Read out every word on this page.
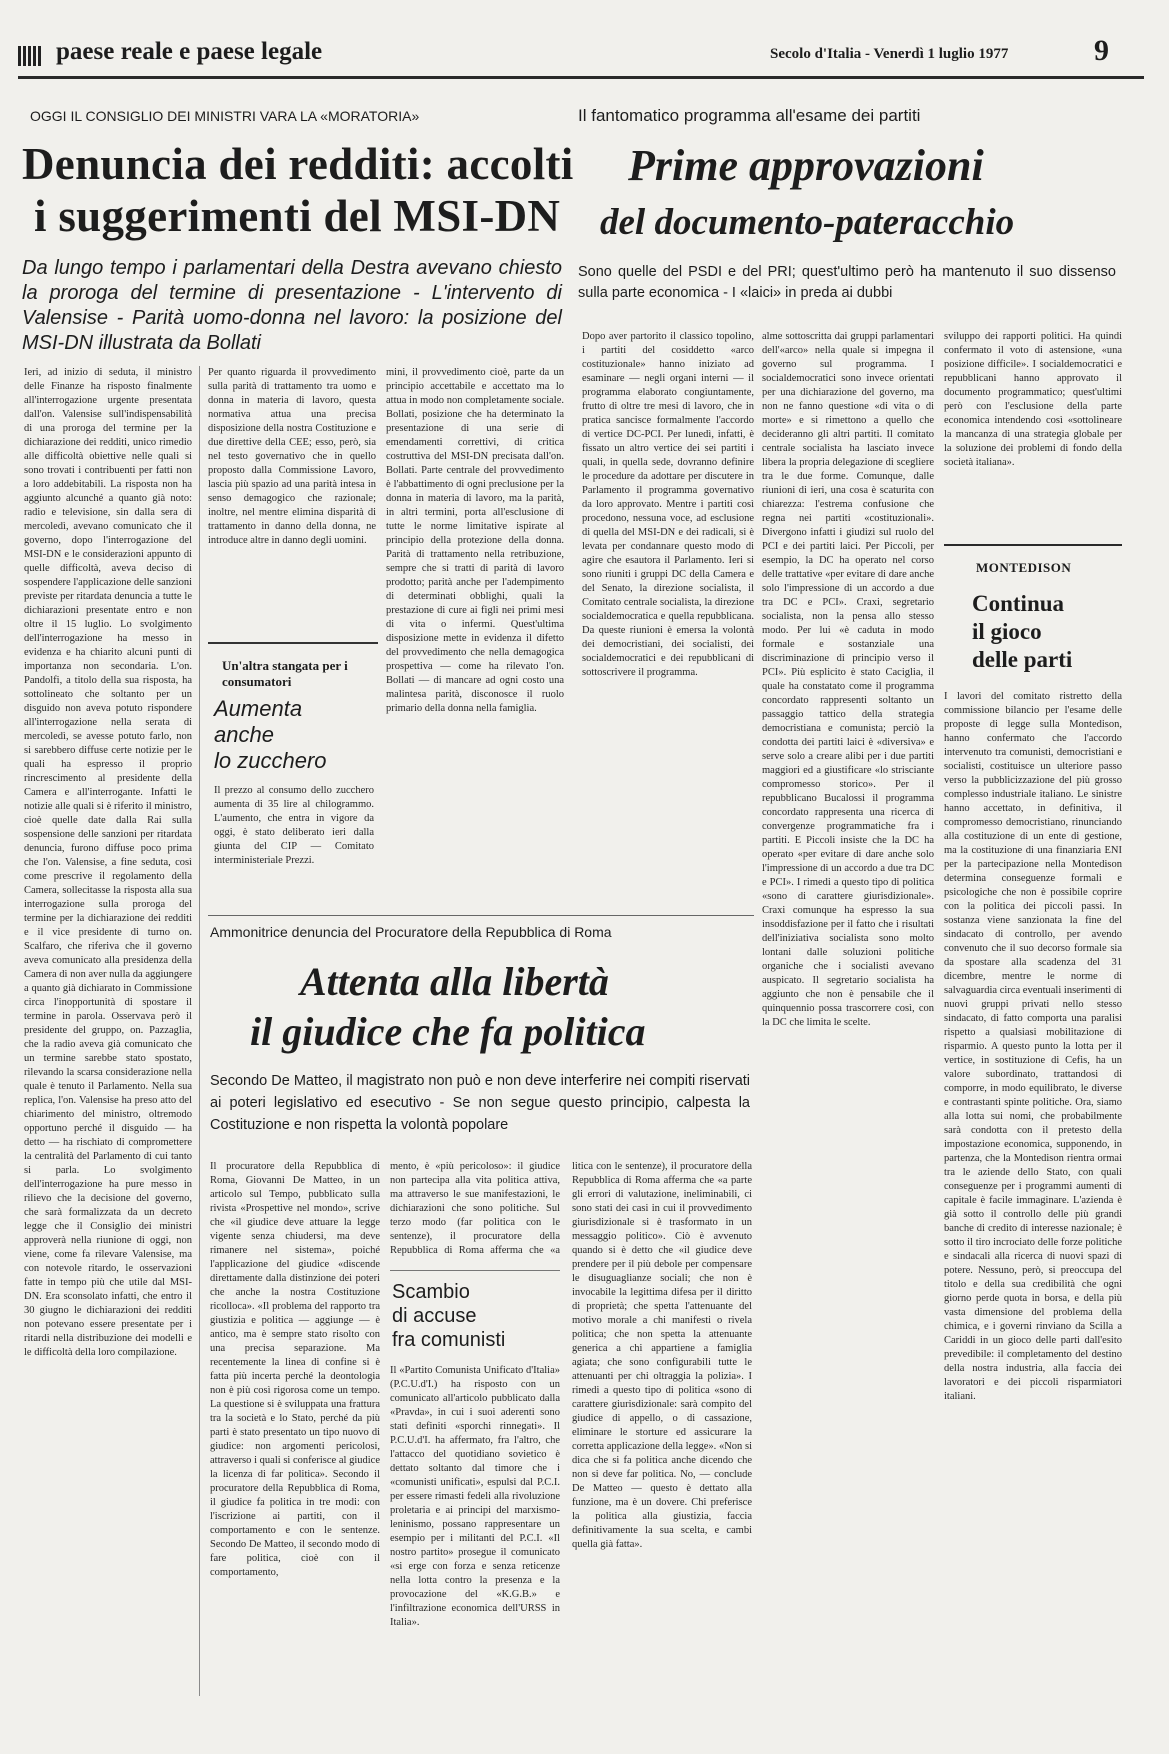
paese reale e paese legale	Secolo d'Italia - Venerdì 1 luglio 1977	9
OGGI IL CONSIGLIO DEI MINISTRI VARA LA «MORATORIA»
Denuncia dei redditi: accolti
i suggerimenti del MSI-DN
Da lungo tempo i parlamentari della Destra avevano chiesto la proroga del termine di presentazione - L'intervento di Valensise - Parità uomo-donna nel lavoro: la posizione del MSI-DN illustrata da Bollati

Ieri, ad inizio di seduta, il ministro delle Finanze ha risposto finalmente all'interrogazione urgente presentata dall'on. Valensise sull'indispensabilità di una proroga del termine per la dichiarazione dei redditi, unico rimedio alle difficoltà obiettive nelle quali si sono trovati i contribuenti per fatti non a loro addebitabili. La risposta non ha aggiunto alcunché a quanto già noto: radio e televisione, sin dalla sera di mercoledì, avevano comunicato che il governo, dopo l'interrogazione del MSI-DN e le considerazioni appunto di quelle difficoltà, aveva deciso di sospendere l'applicazione delle sanzioni previste per ritardata denuncia a tutte le dichiarazioni presentate entro e non oltre il 15 luglio. Lo svolgimento dell'interrogazione ha messo in evidenza e ha chiarito alcuni punti di importanza non secondaria. L'on. Pandolfi, a titolo della sua risposta, ha sottolineato che soltanto per un disguido non aveva potuto rispondere all'interrogazione nella serata di mercoledì, se avesse potuto farlo, non si sarebbero diffuse certe notizie per le quali ha espresso il proprio rincrescimento al presidente della Camera e all'interrogante. Infatti le notizie alle quali si è riferito il ministro, cioè quelle date dalla Rai sulla sospensione delle sanzioni per ritardata denuncia, furono diffuse poco prima che l'on. Valensise, a fine seduta, così come prescrive il regolamento della Camera, sollecitasse la risposta alla sua interrogazione sulla proroga del termine per la dichiarazione dei redditi e il vice presidente di turno on. Scalfaro, che riferiva che il governo aveva comunicato alla presidenza della Camera di non aver nulla da aggiungere a quanto già dichiarato in Commissione circa l'inopportunità di spostare il termine in parola. Osservava però il presidente del gruppo, on. Pazzaglia, che la radio aveva già comunicato che un termine sarebbe stato spostato, rilevando la scarsa considerazione nella quale è tenuto il Parlamento. Nella sua replica, l'on. Valensise ha preso atto del chiarimento del ministro, oltremodo opportuno perché il disguido — ha detto — ha rischiato di compromettere la centralità del Parlamento di cui tanto si parla. Lo svolgimento dell'interrogazione ha pure messo in rilievo che la decisione del governo, che sarà formalizzata da un decreto legge che il Consiglio dei ministri approverà nella riunione di oggi, non viene, come fa rilevare Valensise, ma con notevole ritardo, le osservazioni fatte in tempo più che utile dal MSI-DN. Era sconsolato infatti, che entro il 30 giugno le dichiarazioni dei redditi non potevano essere presentate per i ritardi nella distribuzione dei modelli e le difficoltà della loro compilazione.

Per quanto riguarda il provvedimento sulla parità di trattamento tra uomo e donna in materia di lavoro, questa normativa attua una precisa disposizione della nostra Costituzione e due direttive della CEE; esso, però, sia nel testo governativo che in quello proposto dalla Commissione Lavoro, lascia più spazio ad una parità intesa in senso demagogico che razionale; inoltre, nel mentre elimina disparità di trattamento in danno della donna, ne introduce altre in danno degli uomini.

mini, il provvedimento cioè, parte da un principio accettabile e accettato ma lo attua in modo non completamente sociale. Bollati, posizione che ha determinato la presentazione di una serie di emendamenti correttivi, di critica costruttiva del MSI-DN precisata dall'on. Bollati. Parte centrale del provvedimento è l'abbattimento di ogni preclusione per la donna in materia di lavoro, ma la parità, in altri termini, porta all'esclusione di tutte le norme limitative ispirate al principio della protezione della donna. Parità di trattamento nella retribuzione, sempre che si tratti di parità di lavoro prodotto; parità anche per l'adempimento di determinati obblighi, quali la prestazione di cure ai figli nei primi mesi di vita o infermi. Quest'ultima disposizione mette in evidenza il difetto del provvedimento che nella demagogica prospettiva — come ha rilevato l'on. Bollati — di mancare ad ogni costo una malintesa parità, disconosce il ruolo primario della donna nella famiglia.

Un'altra stangata per i consumatori
Aumenta
anche
lo zucchero

Il prezzo al consumo dello zucchero aumenta di 35 lire al chilogrammo. L'aumento, che entra in vigore da oggi, è stato deliberato ieri dalla giunta del CIP — Comitato interministeriale Prezzi.

Il fantomatico programma all'esame dei partiti
Prime approvazioni
del documento-pateracchio
Sono quelle del PSDI e del PRI; quest'ultimo però ha mantenuto il suo dissenso sulla parte economica - I «laici» in preda ai dubbi

Dopo aver partorito il classico topolino, i partiti del cosiddetto «arco costituzionale» hanno iniziato ad esaminare — negli organi interni — il programma elaborato congiuntamente, frutto di oltre tre mesi di lavoro, che in pratica sancisce formalmente l'accordo di vertice DC-PCI. Per lunedì, infatti, è fissato un altro vertice dei sei partiti i quali, in quella sede, dovranno definire le procedure da adottare per discutere in Parlamento il programma governativo da loro approvato. Mentre i partiti così procedono, nessuna voce, ad esclusione di quella del MSI-DN e dei radicali, si è levata per condannare questo modo di agire che esautora il Parlamento. Ieri si sono riuniti i gruppi DC della Camera e del Senato, la direzione socialista, il Comitato centrale socialista, la direzione socialdemocratica e quella repubblicana. Da queste riunioni è emersa la volontà dei democristiani, dei socialisti, dei socialdemocratici e dei repubblicani di sottoscrivere il programma.

alme sottoscritta dai gruppi parlamentari dell'«arco» nella quale si impegna il governo sul programma. I socialdemocratici sono invece orientati per una dichiarazione del governo, ma non ne fanno questione «di vita o di morte» e si rimettono a quello che decideranno gli altri partiti. Il comitato centrale socialista ha lasciato invece libera la propria delegazione di scegliere tra le due forme. Comunque, dalle riunioni di ieri, una cosa è scaturita con chiarezza: l'estrema confusione che regna nei partiti «costituzionali». Divergono infatti i giudizi sul ruolo del PCI e dei partiti laici. Per Piccoli, per esempio, la DC ha operato nel corso delle trattative «per evitare di dare anche solo l'impressione di un accordo a due tra DC e PCI». Craxi, segretario socialista, non la pensa allo stesso modo. Per lui «è caduta in modo formale e sostanziale una discriminazione di principio verso il PCI». Più esplicito è stato Caciglia, il quale ha constatato come il programma concordato rappresenti soltanto un passaggio tattico della strategia democristiana e comunista; perciò la condotta dei partiti laici è «diversiva» e serve solo a creare alibi per i due partiti maggiori ed a giustificare «lo strisciante compromesso storico». Per il repubblicano Bucalossi il programma concordato rappresenta una ricerca di convergenze programmatiche fra i partiti. E Piccoli insiste che la DC ha operato «per evitare di dare anche solo l'impressione di un accordo a due tra DC e PCI». I rimedi a questo tipo di politica «sono di carattere giurisdizionale». Craxi comunque ha espresso la sua insoddisfazione per il fatto che i risultati dell'iniziativa socialista sono molto lontani dalle soluzioni politiche organiche che i socialisti avevano auspicato. Il segretario socialista ha aggiunto che non è pensabile che il quinquennio possa trascorrere così, con la DC che limita le scelte.

sviluppo dei rapporti politici. Ha quindi confermato il voto di astensione, «una posizione difficile». I socialdemocratici e repubblicani hanno approvato il documento programmatico; quest'ultimi però con l'esclusione della parte economica intendendo così «sottolineare la mancanza di una strategia globale per la soluzione dei problemi di fondo della società italiana».

MONTEDISON
Continua
il gioco
delle parti

I lavori del comitato ristretto della commissione bilancio per l'esame delle proposte di legge sulla Montedison, hanno confermato che l'accordo intervenuto tra comunisti, democristiani e socialisti, costituisce un ulteriore passo verso la pubblicizzazione del più grosso complesso industriale italiano. Le sinistre hanno accettato, in definitiva, il compromesso democristiano, rinunciando alla costituzione di un ente di gestione, ma la costituzione di una finanziaria ENI per la partecipazione nella Montedison determina conseguenze formali e psicologiche che non è possibile coprire con la politica dei piccoli passi. In sostanza viene sanzionata la fine del sindacato di controllo, per avendo convenuto che il suo decorso formale sia da spostare alla scadenza del 31 dicembre, mentre le norme di salvaguardia circa eventuali inserimenti di nuovi gruppi privati nello stesso sindacato, di fatto comporta una paralisi rispetto a qualsiasi mobilitazione di risparmio. A questo punto la lotta per il vertice, in sostituzione di Cefis, ha un valore subordinato, trattandosi di comporre, in modo equilibrato, le diverse e contrastanti spinte politiche. Ora, siamo alla lotta sui nomi, che probabilmente sarà condotta con il pretesto della impostazione economica, supponendo, in partenza, che la Montedison rientra ormai tra le aziende dello Stato, con quali conseguenze per i programmi aumenti di capitale è facile immaginare. L'azienda è già sotto il controllo delle più grandi banche di credito di interesse nazionale; è sotto il tiro incrociato delle forze politiche e sindacali alla ricerca di nuovi spazi di potere. Nessuno, però, si preoccupa del titolo e della sua credibilità che ogni giorno perde quota in borsa, e della più vasta dimensione del problema della chimica, e i governi rinviano da Scilla a Cariddi in un gioco delle parti dall'esito prevedibile: il completamento del destino della nostra industria, alla faccia dei lavoratori e dei piccoli risparmiatori italiani.

Ammonitrice denuncia del Procuratore della Repubblica di Roma
Attenta alla libertà
il giudice che fa politica
Secondo De Matteo, il magistrato non può e non deve interferire nei compiti riservati ai poteri legislativo ed esecutivo - Se non segue questo principio, calpesta la Costituzione e non rispetta la volontà popolare

Il procuratore della Repubblica di Roma, Giovanni De Matteo, in un articolo sul Tempo, pubblicato sulla rivista «Prospettive nel mondo», scrive che «il giudice deve attuare la legge vigente senza chiudersi, ma deve rimanere nel sistema», poiché l'applicazione del giudice «discende direttamente dalla distinzione dei poteri che anche la nostra Costituzione ricolloca». «Il problema del rapporto tra giustizia e politica — aggiunge — è antico, ma è sempre stato risolto con una precisa separazione. Ma recentemente la linea di confine si è fatta più incerta perché la deontologia non è più così rigorosa come un tempo. La questione si è sviluppata una frattura tra la società e lo Stato, perché da più parti è stato presentato un tipo nuovo di giudice: non argomenti pericolosi, attraverso i quali si conferisce al giudice la licenza di far politica». Secondo il procuratore della Repubblica di Roma, il giudice fa politica in tre modi: con l'iscrizione ai partiti, con il comportamento e con le sentenze. Secondo De Matteo, il secondo modo di fare politica, cioè con il comportamento,

mento, è «più pericoloso»: il giudice non partecipa alla vita politica attiva, ma attraverso le sue manifestazioni, le dichiarazioni che sono politiche. Sul terzo modo (far politica con le sentenze), il procuratore della Repubblica di Roma afferma che «a

litica con le sentenze), il procuratore della Repubblica di Roma afferma che «a parte gli errori di valutazione, ineliminabili, ci sono stati dei casi in cui il provvedimento giurisdizionale si è trasformato in un messaggio politico». Ciò è avvenuto quando si è detto che «il giudice deve prendere per il più debole per compensare le disuguaglianze sociali; che non è invocabile la legittima difesa per il diritto di proprietà; che spetta l'attenuante del motivo morale a chi manifesti o rivela politica; che non spetta la attenuante generica a chi appartiene a famiglia agiata; che sono configurabili tutte le attenuanti per chi oltraggia la polizia». I rimedi a questo tipo di politica «sono di carattere giurisdizionale: sarà compito del giudice di appello, o di cassazione, eliminare le storture ed assicurare la corretta applicazione della legge». «Non si dica che si fa politica anche dicendo che non si deve far politica. No, — conclude De Matteo — questo è dettato alla funzione, ma è un dovere. Chi preferisce la politica alla giustizia, faccia definitivamente la sua scelta, e cambi quella già fatta».

Scambio
di accuse
fra comunisti

Il «Partito Comunista Unificato d'Italia» (P.C.U.d'I.) ha risposto con un comunicato all'articolo pubblicato dalla «Pravda», in cui i suoi aderenti sono stati definiti «sporchi rinnegati». Il P.C.U.d'I. ha affermato, fra l'altro, che l'attacco del quotidiano sovietico è dettato soltanto dal timore che i «comunisti unificati», espulsi dal P.C.I. per essere rimasti fedeli alla rivoluzione proletaria e ai principi del marxismo-leninismo, possano rappresentare un esempio per i militanti del P.C.I. «Il nostro partito» prosegue il comunicato «si erge con forza e senza reticenze nella lotta contro la presenza e la provocazione del «K.G.B.» e l'infiltrazione economica dell'URSS in Italia».
